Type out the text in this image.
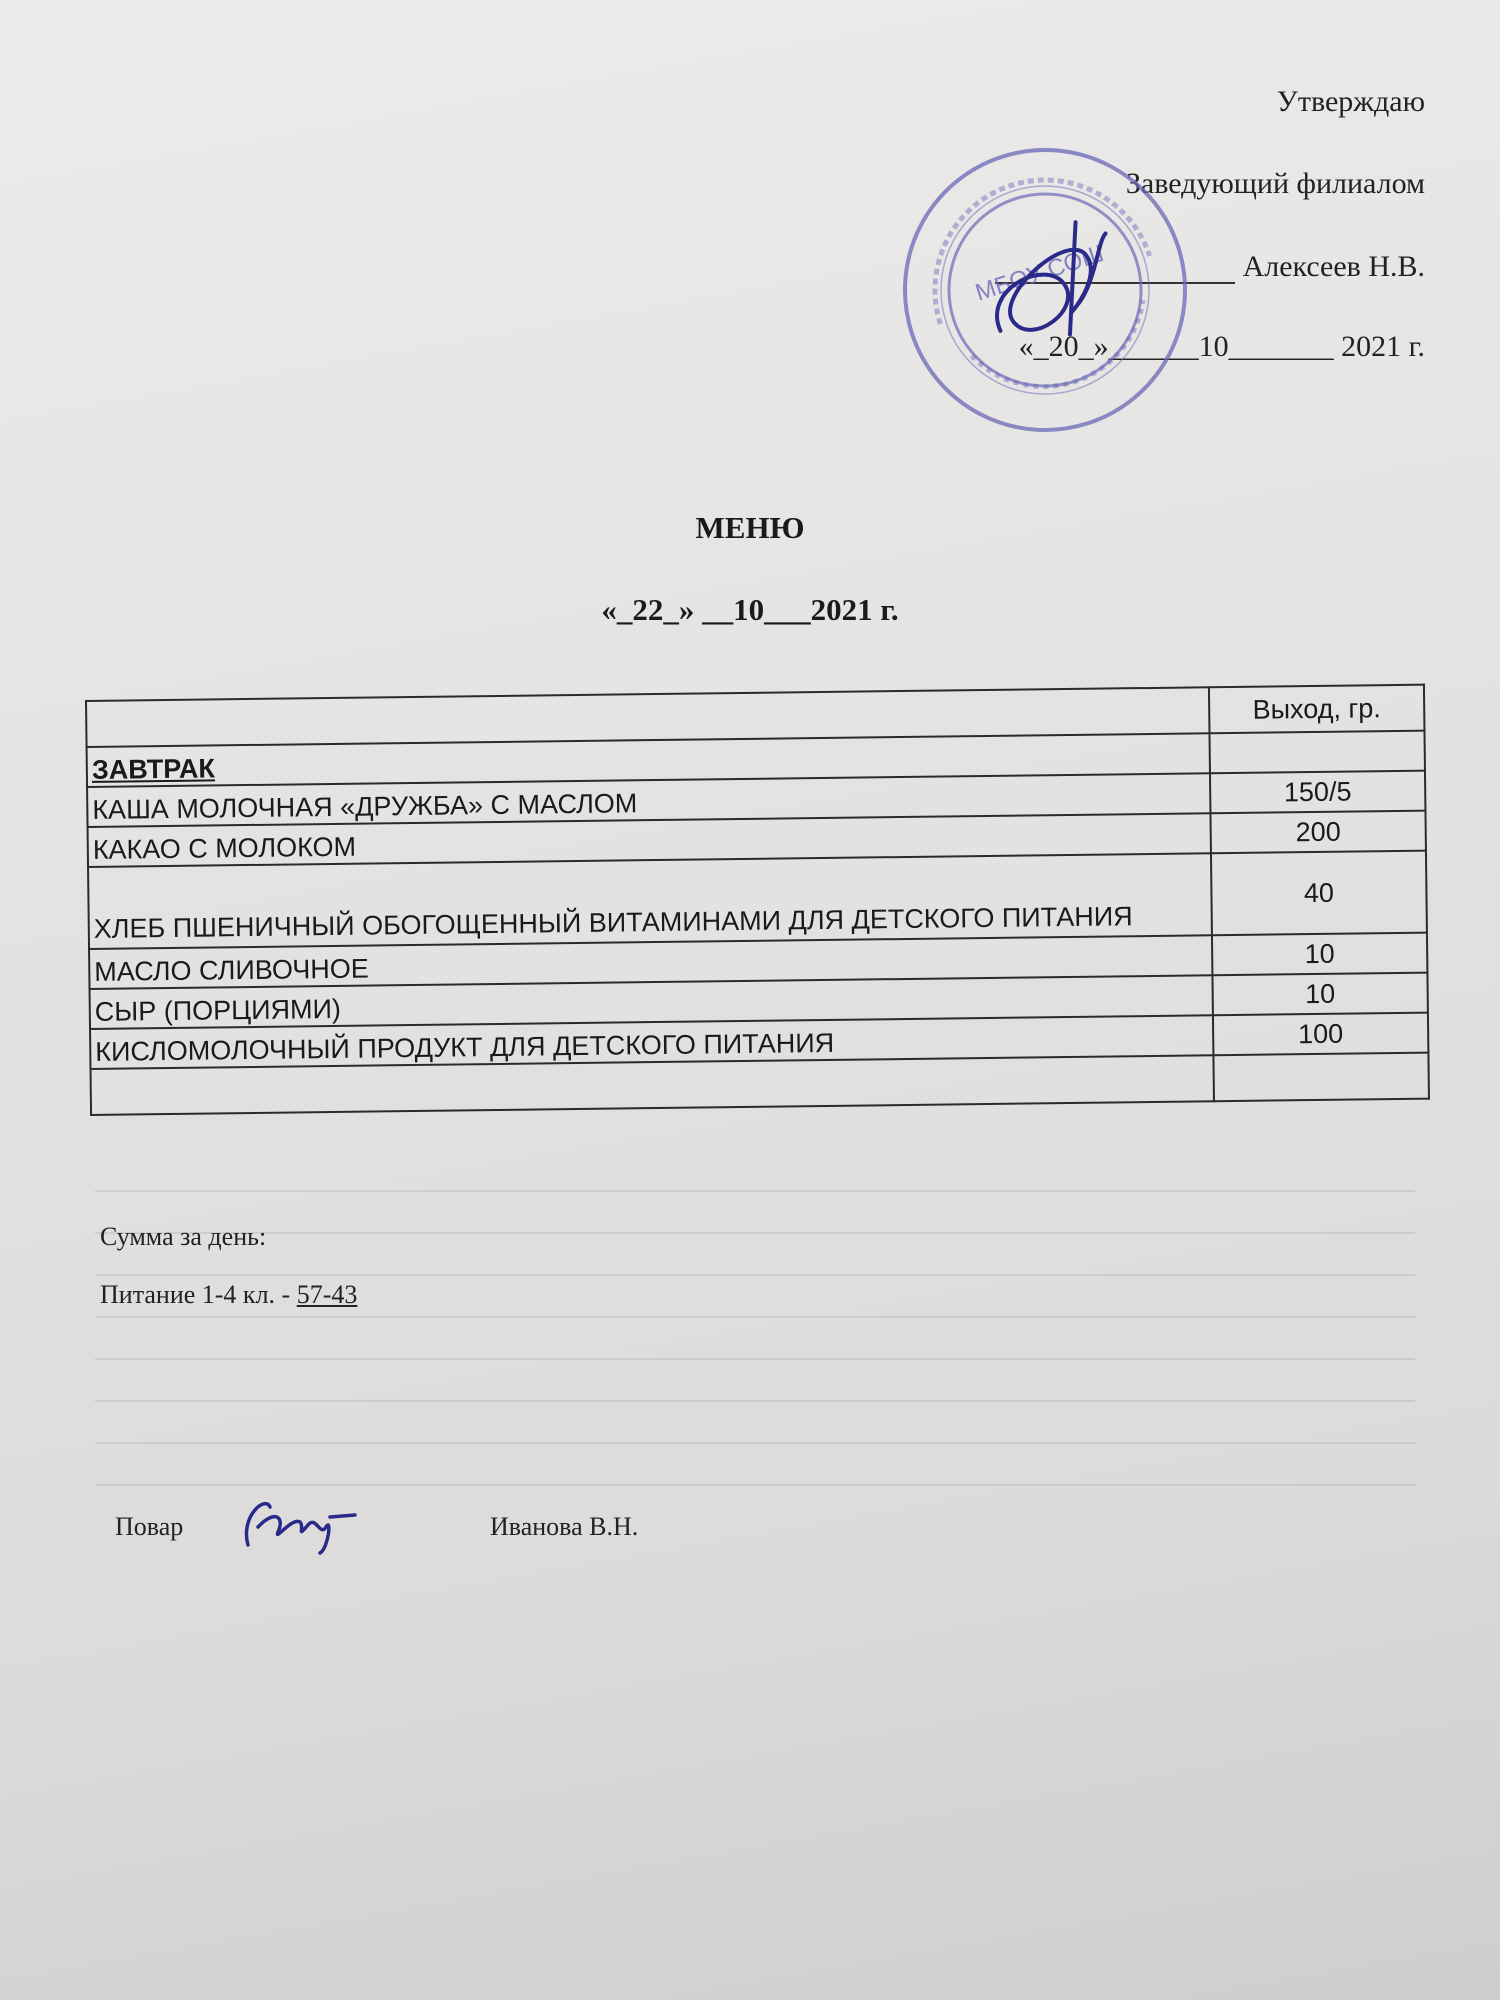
Утверждаю
Заведующий филиалом
Алексеев Н.В.
«_20_»______10_______ 2021 г.
МБОУ СОШ
МЕНЮ
«_22_» __10___2021 г.
	Выход, гр.
ЗАВТРАК	
КАША МОЛОЧНАЯ «ДРУЖБА» С МАСЛОМ	150/5
КАКАО С МОЛОКОМ	200
ХЛЕБ ПШЕНИЧНЫЙ ОБОГОЩЕННЫЙ ВИТАМИНАМИ ДЛЯ ДЕТСКОГО ПИТАНИЯ	40
МАСЛО СЛИВОЧНОЕ	10
СЫР (ПОРЦИЯМИ)	10
КИСЛОМОЛОЧНЫЙ ПРОДУКТ ДЛЯ ДЕТСКОГО ПИТАНИЯ	100

Сумма за день:
Питание 1-4 кл. - 57-43
Повар	Иванова В.Н.
